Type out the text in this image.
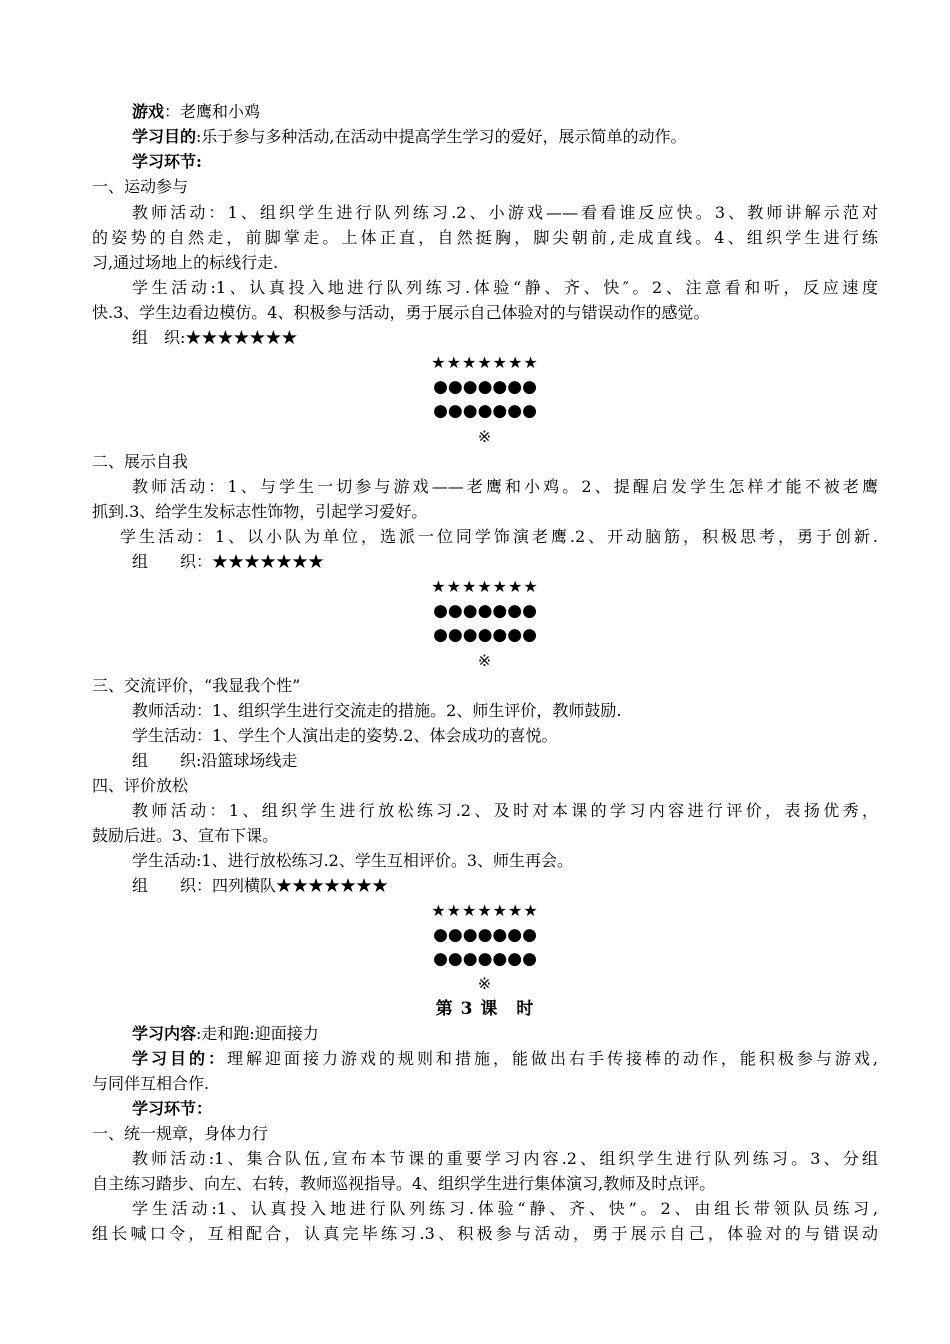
游戏：老鹰和小鸡
学习目的:乐于参与多种活动,在活动中提高学生学习的爱好，展示简单的动作。
学习环节:
一、运动参与
教师活动：1、组织学生进行队列练习.2、小游戏——看看谁反应快。3、教师讲解示范对
的姿势的自然走，前脚掌走。上体正直，自然挺胸，脚尖朝前,走成直线。4、组织学生进行练
习,通过场地上的标线行走.
学生活动:1、认真投入地进行队列练习.体验“静、齐、快″。2、注意看和听，反应速度
快.3、学生边看边模仿。4、积极参与活动，勇于展示自己体验对的与错误动作的感觉。
组　织:★★★★★★★
★★★★★★★
●●●●●●●
●●●●●●●
※
二、展示自我
教师活动：1、与学生一切参与游戏——老鹰和小鸡。2、提醒启发学生怎样才能不被老鹰
抓到.3、给学生发标志性饰物，引起学习爱好。
学生活动：1、以小队为单位，选派一位同学饰演老鹰.2、开动脑筋，积极思考，勇于创新.
组　　织：★★★★★★★
★★★★★★★
●●●●●●●
●●●●●●●
※
三、交流评价，“我显我个性”
教师活动：1、组织学生进行交流走的措施。2、师生评价，教师鼓励.
学生活动：1、学生个人演出走的姿势.2、体会成功的喜悦。
组　　织:沿篮球场线走
四、评价放松
教师活动：1、组织学生进行放松练习.2、及时对本课的学习内容进行评价，表扬优秀，
鼓励后进。3、宣布下课。
学生活动:1、进行放松练习.2、学生互相评价。3、师生再会。
组　　织：四列横队★★★★★★★
★★★★★★★
●●●●●●●
●●●●●●●
※
第 3 课　时
学习内容:走和跑:迎面接力
学习目的：理解迎面接力游戏的规则和措施，能做出右手传接棒的动作，能积极参与游戏,
与同伴互相合作.
学习环节：
一、统一规章，身体力行
教师活动:1、集合队伍,宣布本节课的重要学习内容.2、组织学生进行队列练习。3、分组
自主练习踏步、向左、右转，教师巡视指导。4、组织学生进行集体演习,教师及时点评。
学生活动:1、认真投入地进行队列练习.体验“静、齐、快”。2、由组长带领队员练习,
组长喊口令，互相配合，认真完毕练习.3、积极参与活动，勇于展示自己，体验对的与错误动
